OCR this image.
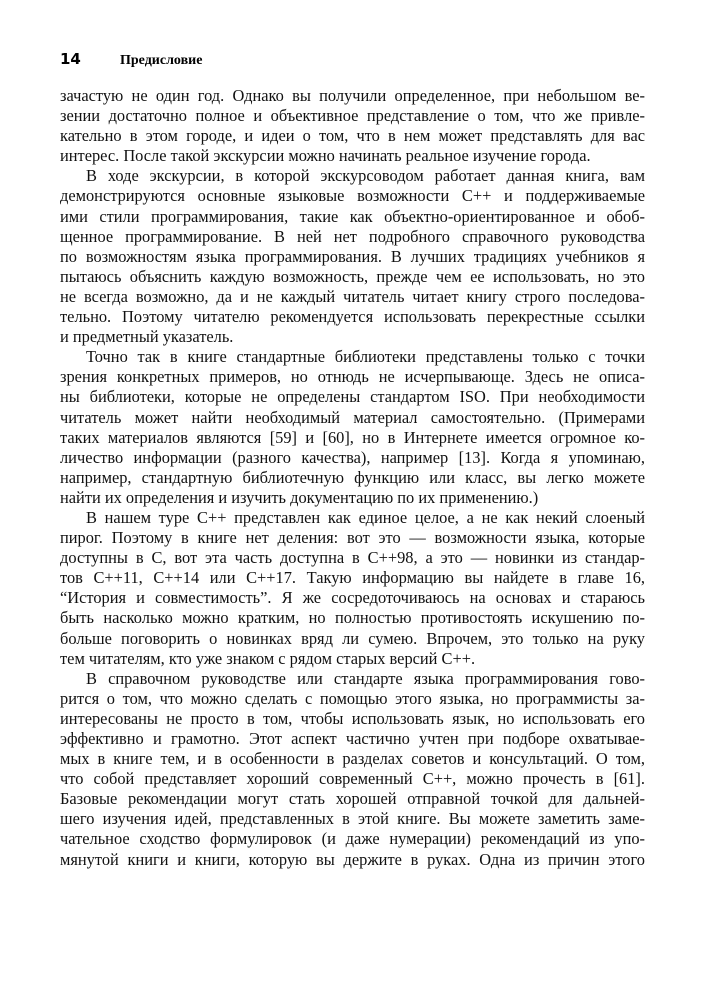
14	Предисловие
зачастую не один год. Однако вы получили определенное, при небольшом ве-
зении достаточно полное и объективное представление о том, что же привле-
кательно в этом городе, и идеи о том, что в нем может представлять для вас
интерес. После такой экскурсии можно начинать реальное изучение города.
В ходе экскурсии, в которой экскурсоводом работает данная книга, вам
демонстрируются основные языковые возможности C++ и поддерживаемые
ими стили программирования, такие как объектно-ориентированное и обоб-
щенное программирование. В ней нет подробного справочного руководства
по возможностям языка программирования. В лучших традициях учебников я
пытаюсь объяснить каждую возможность, прежде чем ее использовать, но это
не всегда возможно, да и не каждый читатель читает книгу строго последова-
тельно. Поэтому читателю рекомендуется использовать перекрестные ссылки
и предметный указатель.
Точно так в книге стандартные библиотеки представлены только с точки
зрения конкретных примеров, но отнюдь не исчерпывающе. Здесь не описа-
ны библиотеки, которые не определены стандартом ISO. При необходимости
читатель может найти необходимый материал самостоятельно. (Примерами
таких материалов являются [59] и [60], но в Интернете имеется огромное ко-
личество информации (разного качества), например [13]. Когда я упоминаю,
например, стандартную библиотечную функцию или класс, вы легко можете
найти их определения и изучить документацию по их применению.)
В нашем туре C++ представлен как единое целое, а не как некий слоеный
пирог. Поэтому в книге нет деления: вот это — возможности языка, которые
доступны в C, вот эта часть доступна в C++98, а это — новинки из стандар-
тов C++11, C++14 или C++17. Такую информацию вы найдете в главе 16,
“История и совместимость”. Я же сосредоточиваюсь на основах и стараюсь
быть насколько можно кратким, но полностью противостоять искушению по-
больше поговорить о новинках вряд ли сумею. Впрочем, это только на руку
тем читателям, кто уже знаком с рядом старых версий C++.
В справочном руководстве или стандарте языка программирования гово-
рится о том, что можно сделать с помощью этого языка, но программисты за-
интересованы не просто в том, чтобы использовать язык, но использовать его
эффективно и грамотно. Этот аспект частично учтен при подборе охватывае-
мых в книге тем, и в особенности в разделах советов и консультаций. О том,
что собой представляет хороший современный C++, можно прочесть в [61].
Базовые рекомендации могут стать хорошей отправной точкой для дальней-
шего изучения идей, представленных в этой книге. Вы можете заметить заме-
чательное сходство формулировок (и даже нумерации) рекомендаций из упо-
мянутой книги и книги, которую вы держите в руках. Одна из причин этого
